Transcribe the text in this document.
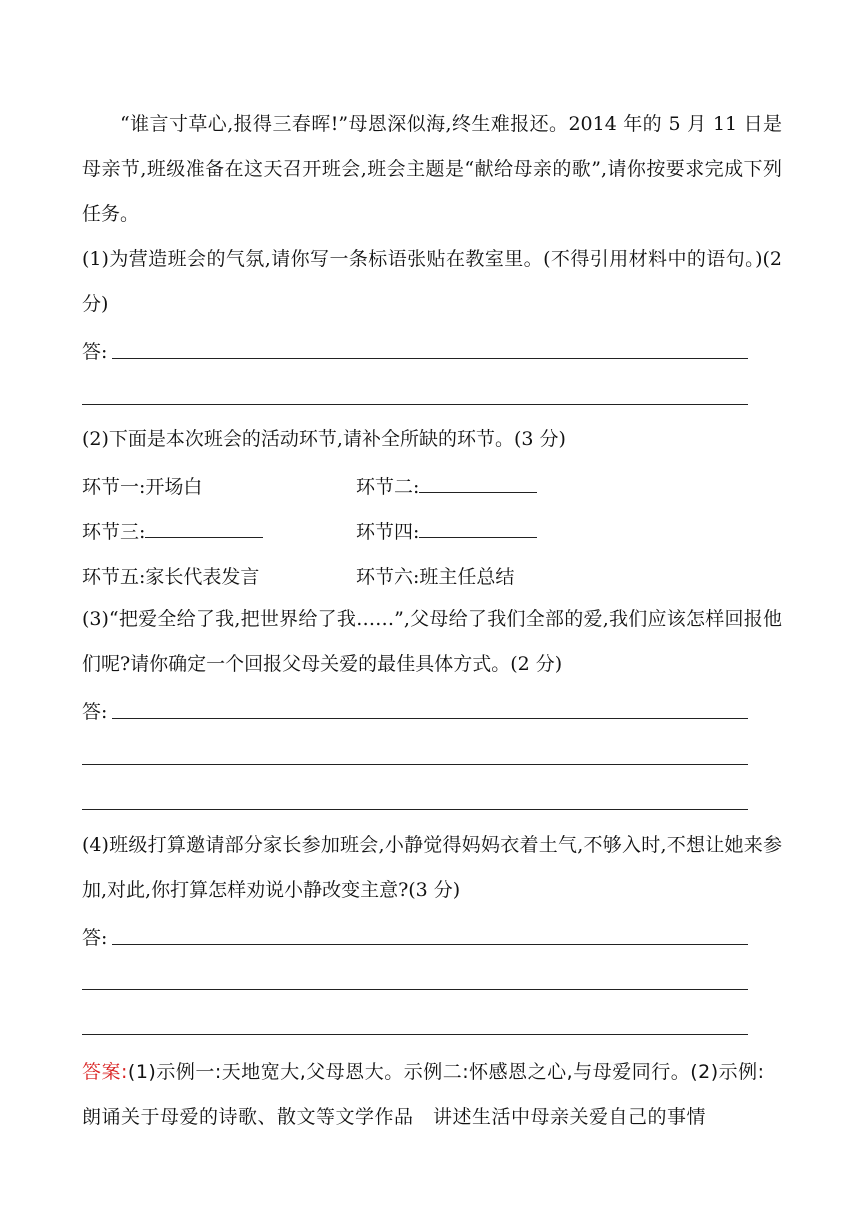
“谁言寸草心,报得三春晖!”母恩深似海,终生难报还。2014 年的 5 月 11 日是母亲节,班级准备在这天召开班会,班会主题是“献给母亲的歌”,请你按要求完成下列任务。

(1)为营造班会的气氛,请你写一条标语张贴在教室里。(不得引用材料中的语句。)(2 分)

答:

(2)下面是本次班会的活动环节,请补全所缺的环节。(3 分)

环节一:开场白	环节二:
环节三:	环节四:
环节五:家长代表发言	环节六:班主任总结

(3)“把爱全给了我,把世界给了我……”,父母给了我们全部的爱,我们应该怎样回报他们呢?请你确定一个回报父母关爱的最佳具体方式。(2 分)

答:

(4)班级打算邀请部分家长参加班会,小静觉得妈妈衣着土气,不够入时,不想让她来参加,对此,你打算怎样劝说小静改变主意?(3 分)

答:

答案:(1)示例一:天地宽大,父母恩大。示例二:怀感恩之心,与母爱同行。(2)示例:朗诵关于母爱的诗歌、散文等文学作品　讲述生活中母亲关爱自己的事情
